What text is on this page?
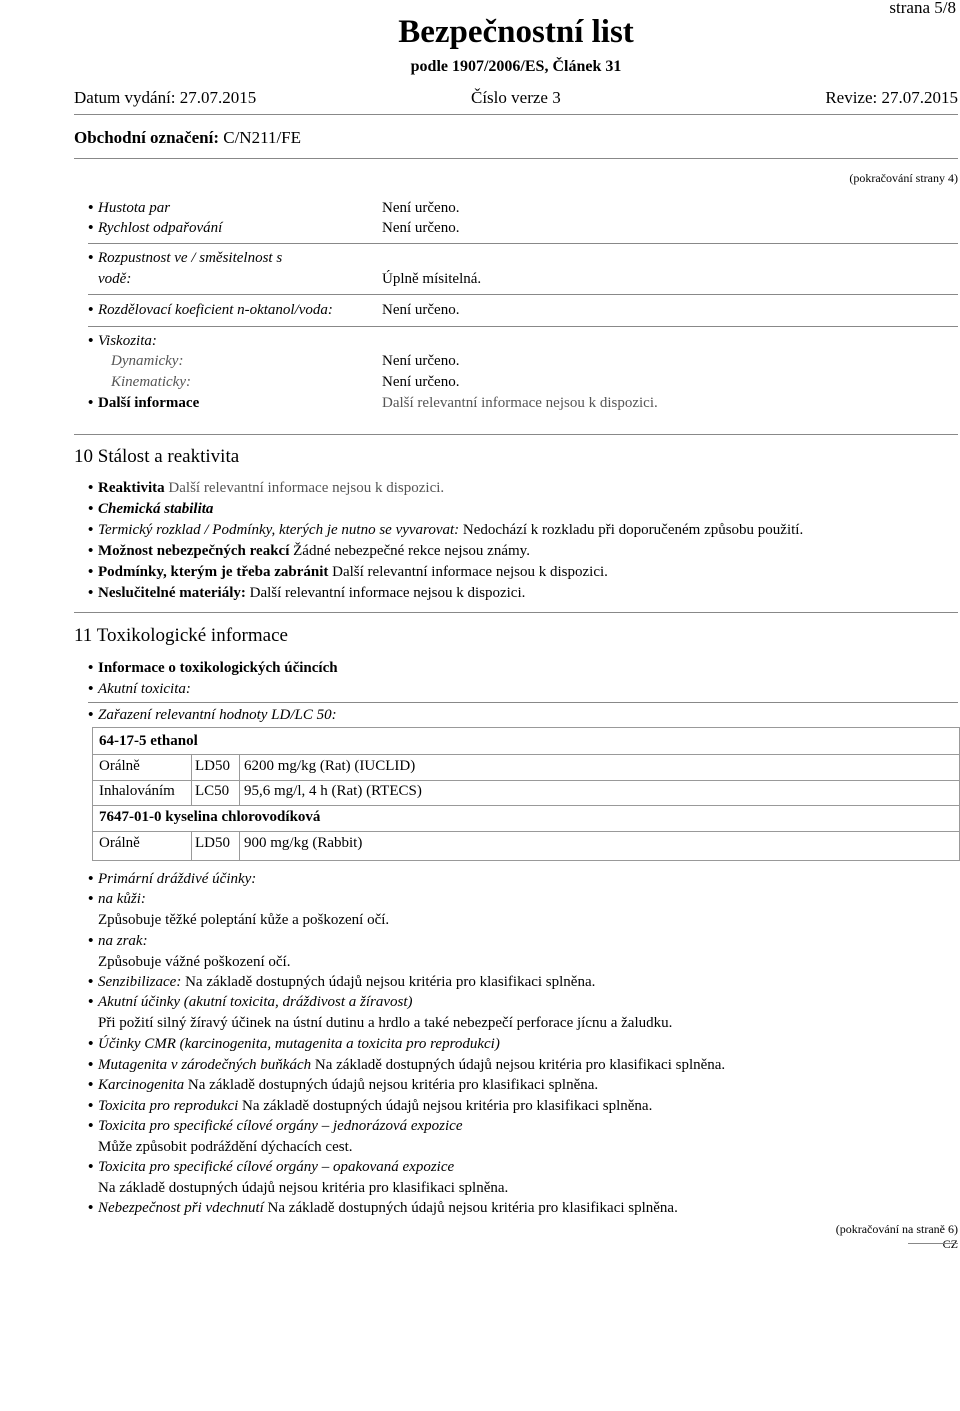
strana 5/8
Bezpečnostní list
podle 1907/2006/ES, Článek 31
Datum vydání: 27.07.2015	Číslo verze 3	Revize: 27.07.2015
Obchodní označení: C/N211/FE
(pokračování strany 4)
• Hustota par	Není určeno.
• Rychlost odpařování	Není určeno.
• Rozpustnost ve / směsitelnost s
vodě:	Úplně mísitelná.
• Rozdělovací koeficient n-oktanol/voda:	Není určeno.
• Viskozita:
Dynamicky:	Není určeno.
Kinematicky:	Není určeno.
• Další informace	Další relevantní informace nejsou k dispozici.
10 Stálost a reaktivita
• Reaktivita Další relevantní informace nejsou k dispozici.
• Chemická stabilita
• Termický rozklad / Podmínky, kterých je nutno se vyvarovat: Nedochází k rozkladu při doporučeném způsobu použití.
• Možnost nebezpečných reakcí Žádné nebezpečné rekce nejsou známy.
• Podmínky, kterým je třeba zabránit Další relevantní informace nejsou k dispozici.
• Neslučitelné materiály: Další relevantní informace nejsou k dispozici.
11 Toxikologické informace
• Informace o toxikologických účincích
• Akutní toxicita:
• Zařazení relevantní hodnoty LD/LC 50:
64-17-5 ethanol
Orálně	LD50 6200 mg/kg (Rat) (IUCLID)
Inhalováním LC50 95,6 mg/l, 4 h (Rat) (RTECS)
7647-01-0 kyselina chlorovodíková
Orálně	LD50 900 mg/kg (Rabbit)
• Primární dráždivé účinky:
• na kůži:
Způsobuje těžké poleptání kůže a poškození očí.
• na zrak:
Způsobuje vážné poškození očí.
• Senzibilizace: Na základě dostupných údajů nejsou kritéria pro klasifikaci splněna.
• Akutní účinky (akutní toxicita, dráždivost a žíravost)
Při požití silný žíravý účinek na ústní dutinu a hrdlo a také nebezpečí perforace jícnu a žaludku.
• Účinky CMR (karcinogenita, mutagenita a toxicita pro reprodukci)
• Mutagenita v zárodečných buňkách Na základě dostupných údajů nejsou kritéria pro klasifikaci splněna.
• Karcinogenita Na základě dostupných údajů nejsou kritéria pro klasifikaci splněna.
• Toxicita pro reprodukci Na základě dostupných údajů nejsou kritéria pro klasifikaci splněna.
• Toxicita pro specifické cílové orgány – jednorázová expozice
Může způsobit podráždění dýchacích cest.
• Toxicita pro specifické cílové orgány – opakovaná expozice
Na základě dostupných údajů nejsou kritéria pro klasifikaci splněna.
• Nebezpečnost při vdechnutí Na základě dostupných údajů nejsou kritéria pro klasifikaci splněna.
(pokračování na straně 6)
CZ
